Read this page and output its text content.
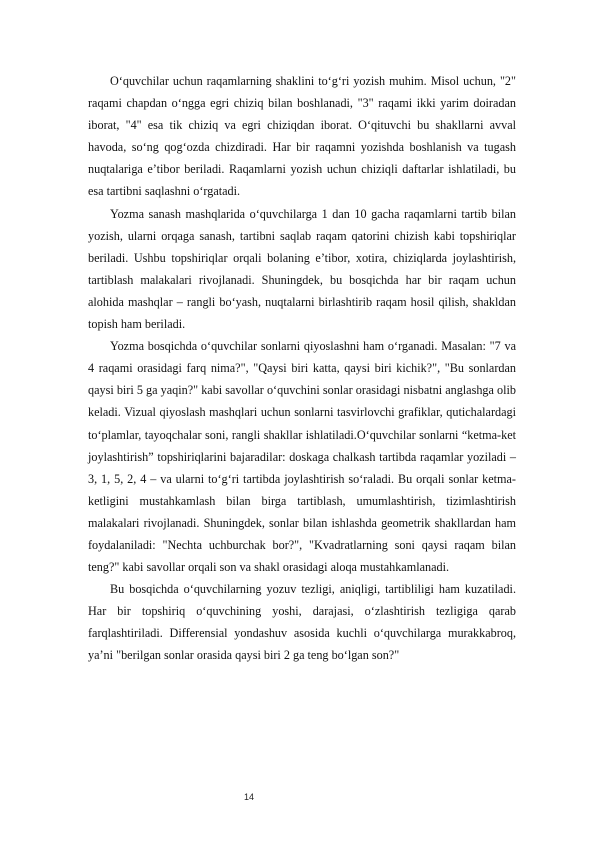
O‘quvchilar uchun raqamlarning shaklini to‘g‘ri yozish muhim. Misol uchun, "2" raqami chapdan o‘ngga egri chiziq bilan boshlanadi, "3" raqami ikki yarim doiradan iborat, "4" esa tik chiziq va egri chiziqdan iborat. O‘qituvchi bu shakllarni avval havoda, so‘ng qog‘ozda chizdiradi. Har bir raqamni yozishda boshlanish va tugash nuqtalariga e’tibor beriladi. Raqamlarni yozish uchun chiziqli daftarlar ishlatiladi, bu esa tartibni saqlashni o‘rgatadi.

Yozma sanash mashqlarida o‘quvchilarga 1 dan 10 gacha raqamlarni tartib bilan yozish, ularni orqaga sanash, tartibni saqlab raqam qatorini chizish kabi topshiriqlar beriladi. Ushbu topshiriqlar orqali bolaning e’tibor, xotira, chiziqlarda joylashtirish, tartiblash malakalari rivojlanadi. Shuningdek, bu bosqichda har bir raqam uchun alohida mashqlar – rangli bo‘yash, nuqtalarni birlashtirib raqam hosil qilish, shakldan topish ham beriladi.

Yozma bosqichda o‘quvchilar sonlarni qiyoslashni ham o‘rganadi. Masalan: "7 va 4 raqami orasidagi farq nima?", "Qaysi biri katta, qaysi biri kichik?", "Bu sonlardan qaysi biri 5 ga yaqin?" kabi savollar o‘quvchini sonlar orasidagi nisbatni anglashga olib keladi. Vizual qiyoslash mashqlari uchun sonlarni tasvirlovchi grafiklar, qutichalardagi to‘plamlar, tayoqchalar soni, rangli shakllar ishlatiladi.O‘quvchilar sonlarni “ketma-ket joylashtirish” topshiriqlarini bajaradilar: doskaga chalkash tartibda raqamlar yoziladi – 3, 1, 5, 2, 4 – va ularni to‘g‘ri tartibda joylashtirish so‘raladi. Bu orqali sonlar ketma-ketligini mustahkamlash bilan birga tartiblash, umumlashtirish, tizimlashtirish malakalari rivojlanadi. Shuningdek, sonlar bilan ishlashda geometrik shakllardan ham foydalaniladi: "Nechta uchburchak bor?", "Kvadratlarning soni qaysi raqam bilan teng?" kabi savollar orqali son va shakl orasidagi aloqa mustahkamlanadi.

Bu bosqichda o‘quvchilarning yozuv tezligi, aniqligi, tartibliligi ham kuzatiladi. Har bir topshiriq o‘quvchining yoshi, darajasi, o‘zlashtirish tezligiga qarab farqlashtiriladi. Differensial yondashuv asosida kuchli o‘quvchilarga murakkabroq, ya’ni "berilgan sonlar orasida qaysi biri 2 ga teng bo‘lgan son?"

14
